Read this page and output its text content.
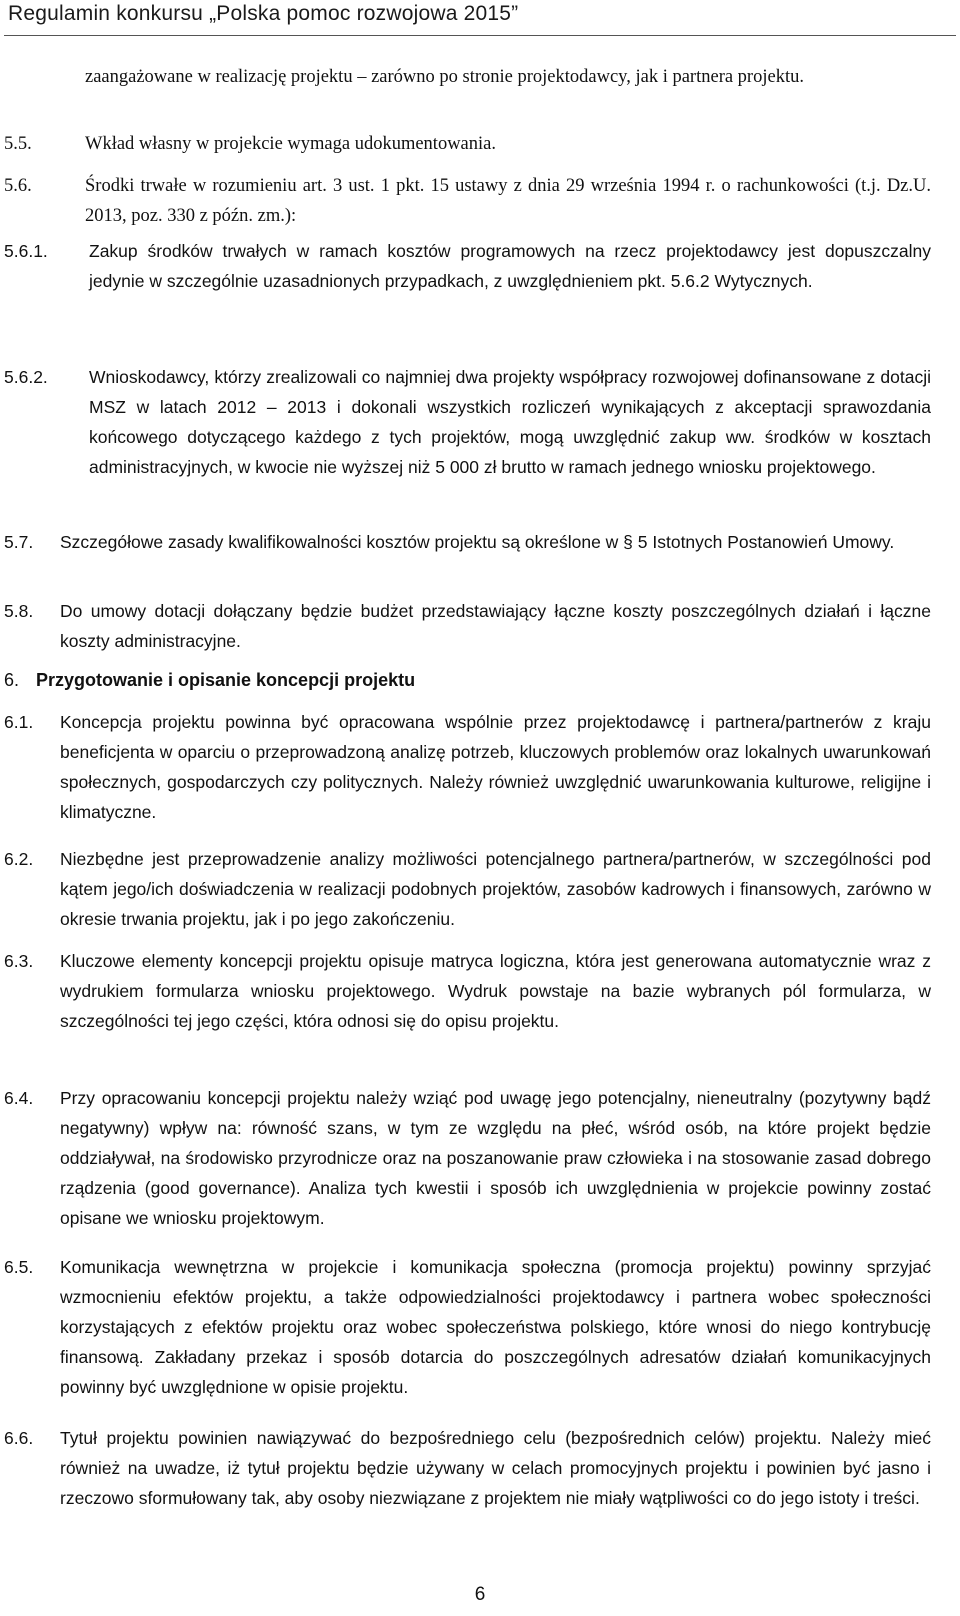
Regulamin konkursu „Polska pomoc rozwojowa 2015”
zaangażowane w realizację projektu – zarówno po stronie projektodawcy, jak i partnera projektu.
5.5.	Wkład własny w projekcie wymaga udokumentowania.
5.6.	Środki trwałe w rozumieniu art. 3 ust. 1 pkt. 15 ustawy z dnia 29 września 1994 r. o rachunkowości (t.j. Dz.U. 2013, poz. 330 z późn. zm.):
5.6.1. Zakup środków trwałych w ramach kosztów programowych na rzecz projektodawcy jest dopuszczalny jedynie w szczególnie uzasadnionych przypadkach, z uwzględnieniem pkt. 5.6.2 Wytycznych.
5.6.2. Wnioskodawcy, którzy zrealizowali co najmniej dwa projekty współpracy rozwojowej dofinansowane z dotacji MSZ w latach 2012 – 2013 i dokonali wszystkich rozliczeń wynikających z akceptacji sprawozdania końcowego dotyczącego każdego z tych projektów, mogą uwzględnić zakup ww. środków w kosztach administracyjnych, w kwocie nie wyższej niż 5 000 zł brutto w ramach jednego wniosku projektowego.
5.7. Szczegółowe zasady kwalifikowalności kosztów projektu są określone w § 5 Istotnych Postanowień Umowy.
5.8. Do umowy dotacji dołączany będzie budżet przedstawiający łączne koszty poszczególnych działań i łączne koszty administracyjne.
6. Przygotowanie i opisanie koncepcji projektu
6.1. Koncepcja projektu powinna być opracowana wspólnie przez projektodawcę i partnera/partnerów z kraju beneficjenta w oparciu o przeprowadzoną analizę potrzeb, kluczowych problemów oraz lokalnych uwarunkowań społecznych, gospodarczych czy politycznych. Należy również uwzględnić uwarunkowania kulturowe, religijne i klimatyczne.
6.2. Niezbędne jest przeprowadzenie analizy możliwości potencjalnego partnera/partnerów, w szczególności pod kątem jego/ich doświadczenia w realizacji podobnych projektów, zasobów kadrowych i finansowych, zarówno w okresie trwania projektu, jak i po jego zakończeniu.
6.3. Kluczowe elementy koncepcji projektu opisuje matryca logiczna, która jest generowana automatycznie wraz z wydrukiem formularza wniosku projektowego. Wydruk powstaje na bazie wybranych pól formularza, w szczególności tej jego części, która odnosi się do opisu projektu.
6.4. Przy opracowaniu koncepcji projektu należy wziąć pod uwagę jego potencjalny, nieneutralny (pozytywny bądź negatywny) wpływ na: równość szans, w tym ze względu na płeć, wśród osób, na które projekt będzie oddziaływał, na środowisko przyrodnicze oraz na poszanowanie praw człowieka i na stosowanie zasad dobrego rządzenia (good governance). Analiza tych kwestii i sposób ich uwzględnienia w projekcie powinny zostać opisane we wniosku projektowym.
6.5. Komunikacja wewnętrzna w projekcie i komunikacja społeczna (promocja projektu) powinny sprzyjać wzmocnieniu efektów projektu, a także odpowiedzialności projektodawcy i partnera wobec społeczności korzystających z efektów projektu oraz wobec społeczeństwa polskiego, które wnosi do niego kontrybucję finansową. Zakładany przekaz i sposób dotarcia do poszczególnych adresatów działań komunikacyjnych powinny być uwzględnione w opisie projektu.
6.6. Tytuł projektu powinien nawiązywać do bezpośredniego celu (bezpośrednich celów) projektu. Należy mieć również na uwadze, iż tytuł projektu będzie używany w celach promocyjnych projektu i powinien być jasno i rzeczowo sformułowany tak, aby osoby niezwiązane z projektem nie miały wątpliwości co do jego istoty i treści.
6
